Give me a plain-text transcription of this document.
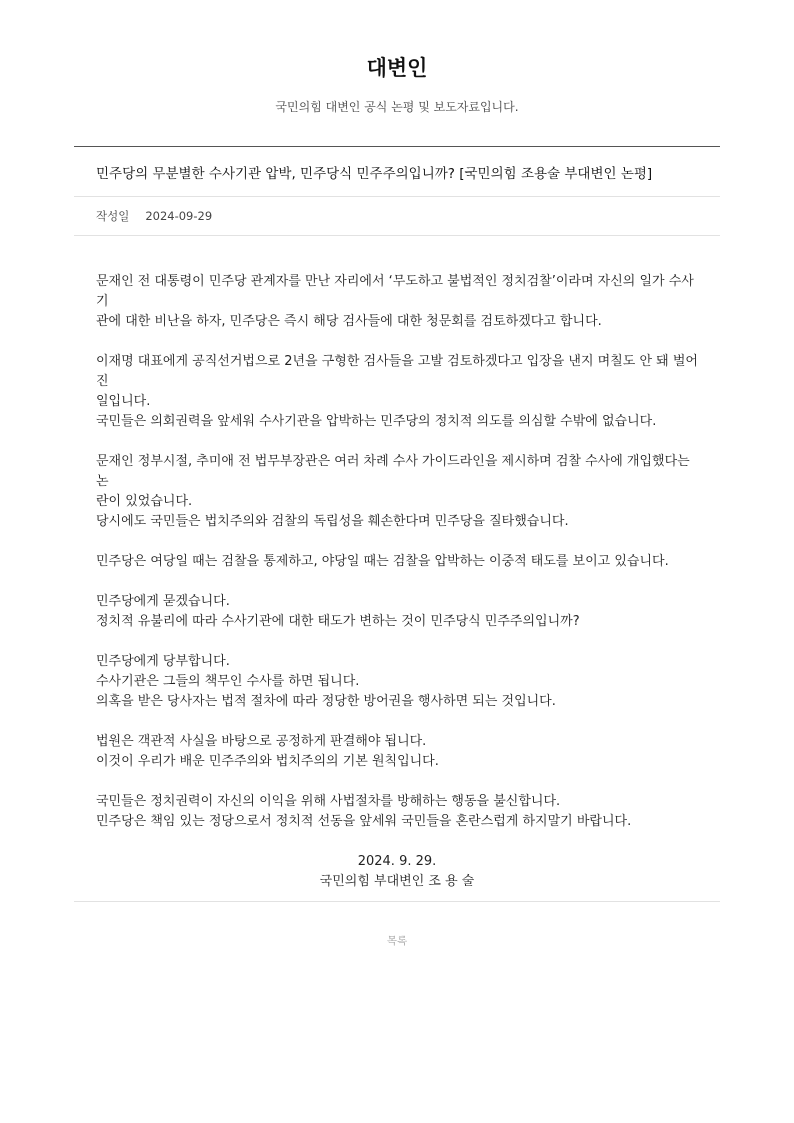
대변인
국민의힘 대변인 공식 논평 및 보도자료입니다.
민주당의 무분별한 수사기관 압박, 민주당식 민주주의입니까? [국민의힘 조용술 부대변인 논평]
작성일 2024-09-29

문재인 전 대통령이 민주당 관계자를 만난 자리에서 ‘무도하고 불법적인 정치검찰’이라며 자신의 일가 수사기
관에 대한 비난을 하자, 민주당은 즉시 해당 검사들에 대한 청문회를 검토하겠다고 합니다.

이재명 대표에게 공직선거법으로 2년을 구형한 검사들을 고발 검토하겠다고 입장을 낸지 며칠도 안 돼 벌어진
일입니다.
국민들은 의회권력을 앞세워 수사기관을 압박하는 민주당의 정치적 의도를 의심할 수밖에 없습니다.

문재인 정부시절, 추미애 전 법무부장관은 여러 차례 수사 가이드라인을 제시하며 검찰 수사에 개입했다는 논
란이 있었습니다.
당시에도 국민들은 법치주의와 검찰의 독립성을 훼손한다며 민주당을 질타했습니다.

민주당은 여당일 때는 검찰을 통제하고, 야당일 때는 검찰을 압박하는 이중적 태도를 보이고 있습니다.

민주당에게 묻겠습니다.
정치적 유불리에 따라 수사기관에 대한 태도가 변하는 것이 민주당식 민주주의입니까?

민주당에게 당부합니다.
수사기관은 그들의 책무인 수사를 하면 됩니다.
의혹을 받은 당사자는 법적 절차에 따라 정당한 방어권을 행사하면 되는 것입니다.

법원은 객관적 사실을 바탕으로 공정하게 판결해야 됩니다.
이것이 우리가 배운 민주주의와 법치주의의 기본 원칙입니다.

국민들은 정치권력이 자신의 이익을 위해 사법절차를 방해하는 행동을 불신합니다.
민주당은 책임 있는 정당으로서 정치적 선동을 앞세워 국민들을 혼란스럽게 하지말기 바랍니다.

2024. 9. 29.
국민의힘 부대변인 조 용 술
목록
